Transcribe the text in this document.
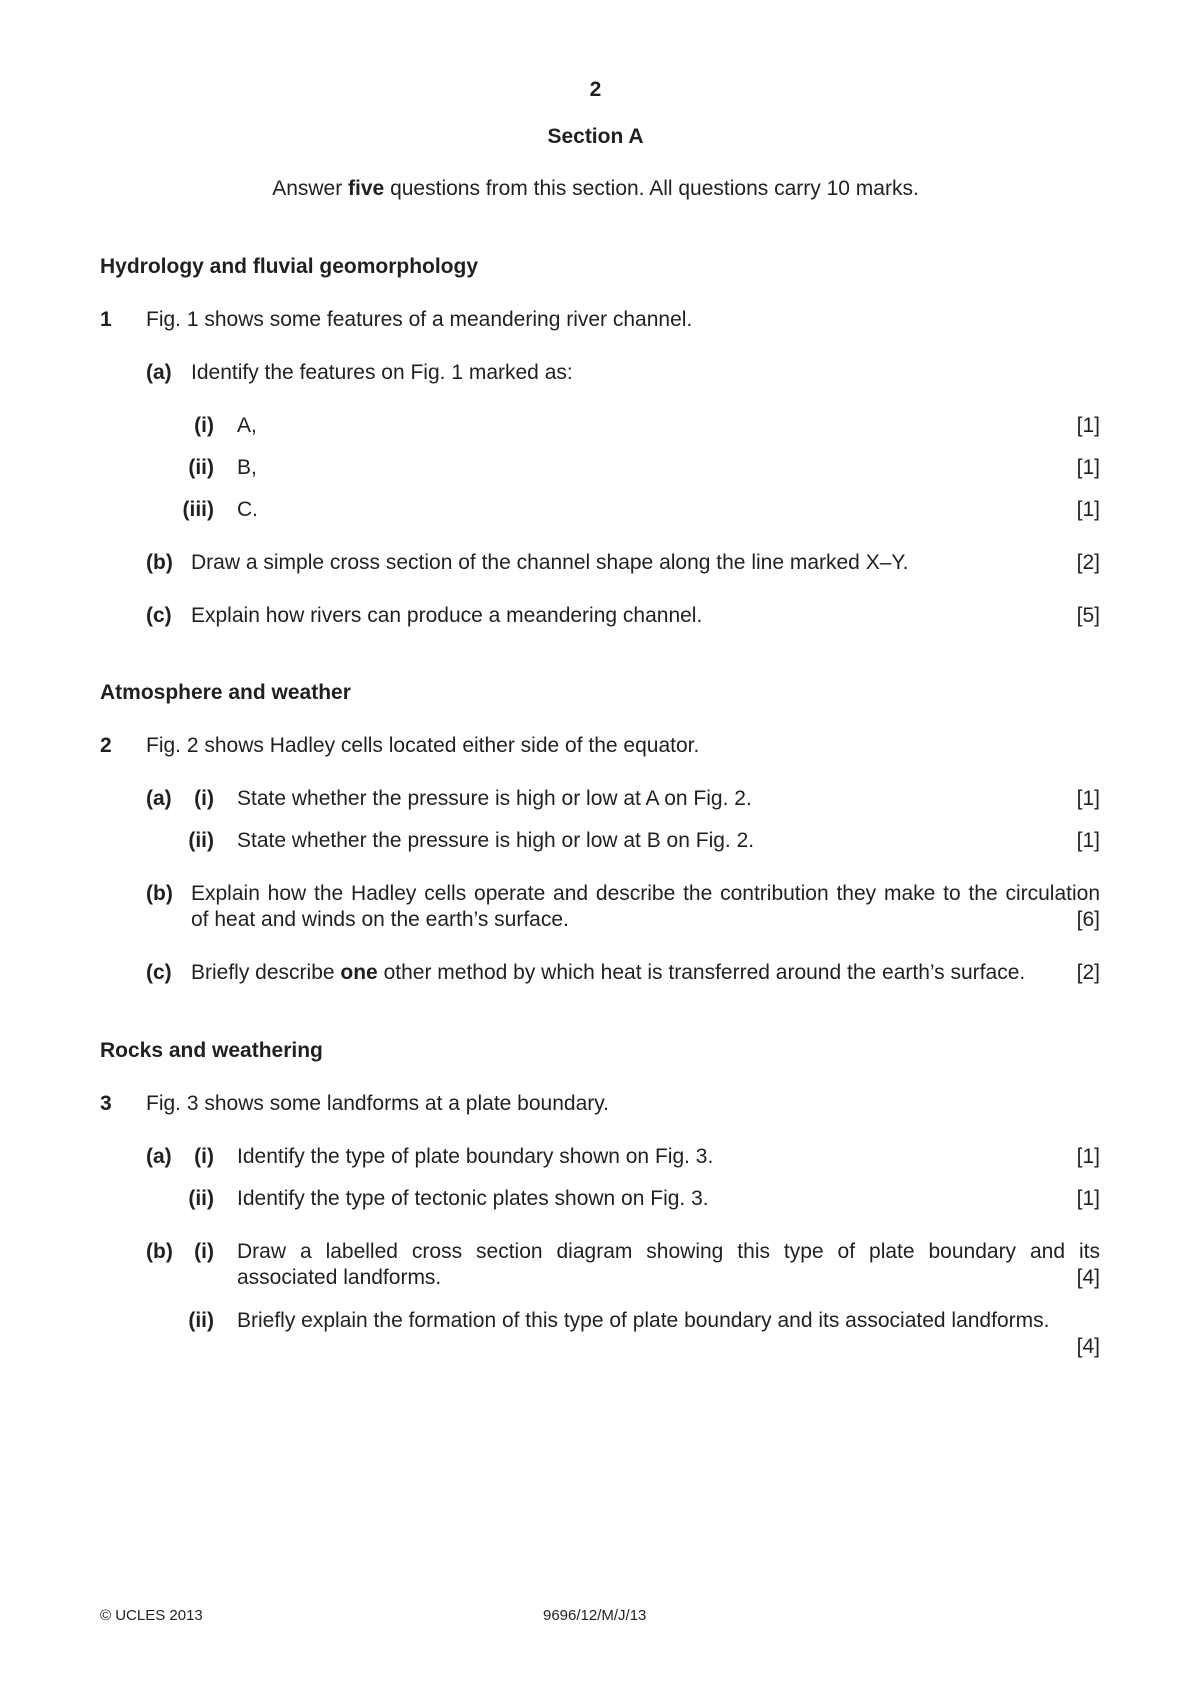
2
Section A
Answer five questions from this section. All questions carry 10 marks.
Hydrology and fluvial geomorphology
1 Fig. 1 shows some features of a meandering river channel.
(a) Identify the features on Fig. 1 marked as:
(i) A,	[1]
(ii) B,	[1]
(iii) C.	[1]
(b) Draw a simple cross section of the channel shape along the line marked X–Y.	[2]
(c) Explain how rivers can produce a meandering channel.	[5]
Atmosphere and weather
2 Fig. 2 shows Hadley cells located either side of the equator.
(a)	(i) State whether the pressure is high or low at A on Fig. 2.	[1]
(ii) State whether the pressure is high or low at B on Fig. 2.	[1]
(b) Explain how the Hadley cells operate and describe the contribution they make to the circulation
of heat and winds on the earth’s surface.	[6]
(c) Briefly describe one other method by which heat is transferred around the earth’s surface.	[2]
Rocks and weathering
3 Fig. 3 shows some landforms at a plate boundary.
(a)	(i) Identify the type of plate boundary shown on Fig. 3.	[1]
(ii) Identify the type of tectonic plates shown on Fig. 3.	[1]
(b)	(i) Draw a labelled cross section diagram showing this type of plate boundary and its
associated landforms.	[4]
(ii) Briefly explain the formation of this type of plate boundary and its associated landforms.
[4]
© UCLES 2013	9696/12/M/J/13
